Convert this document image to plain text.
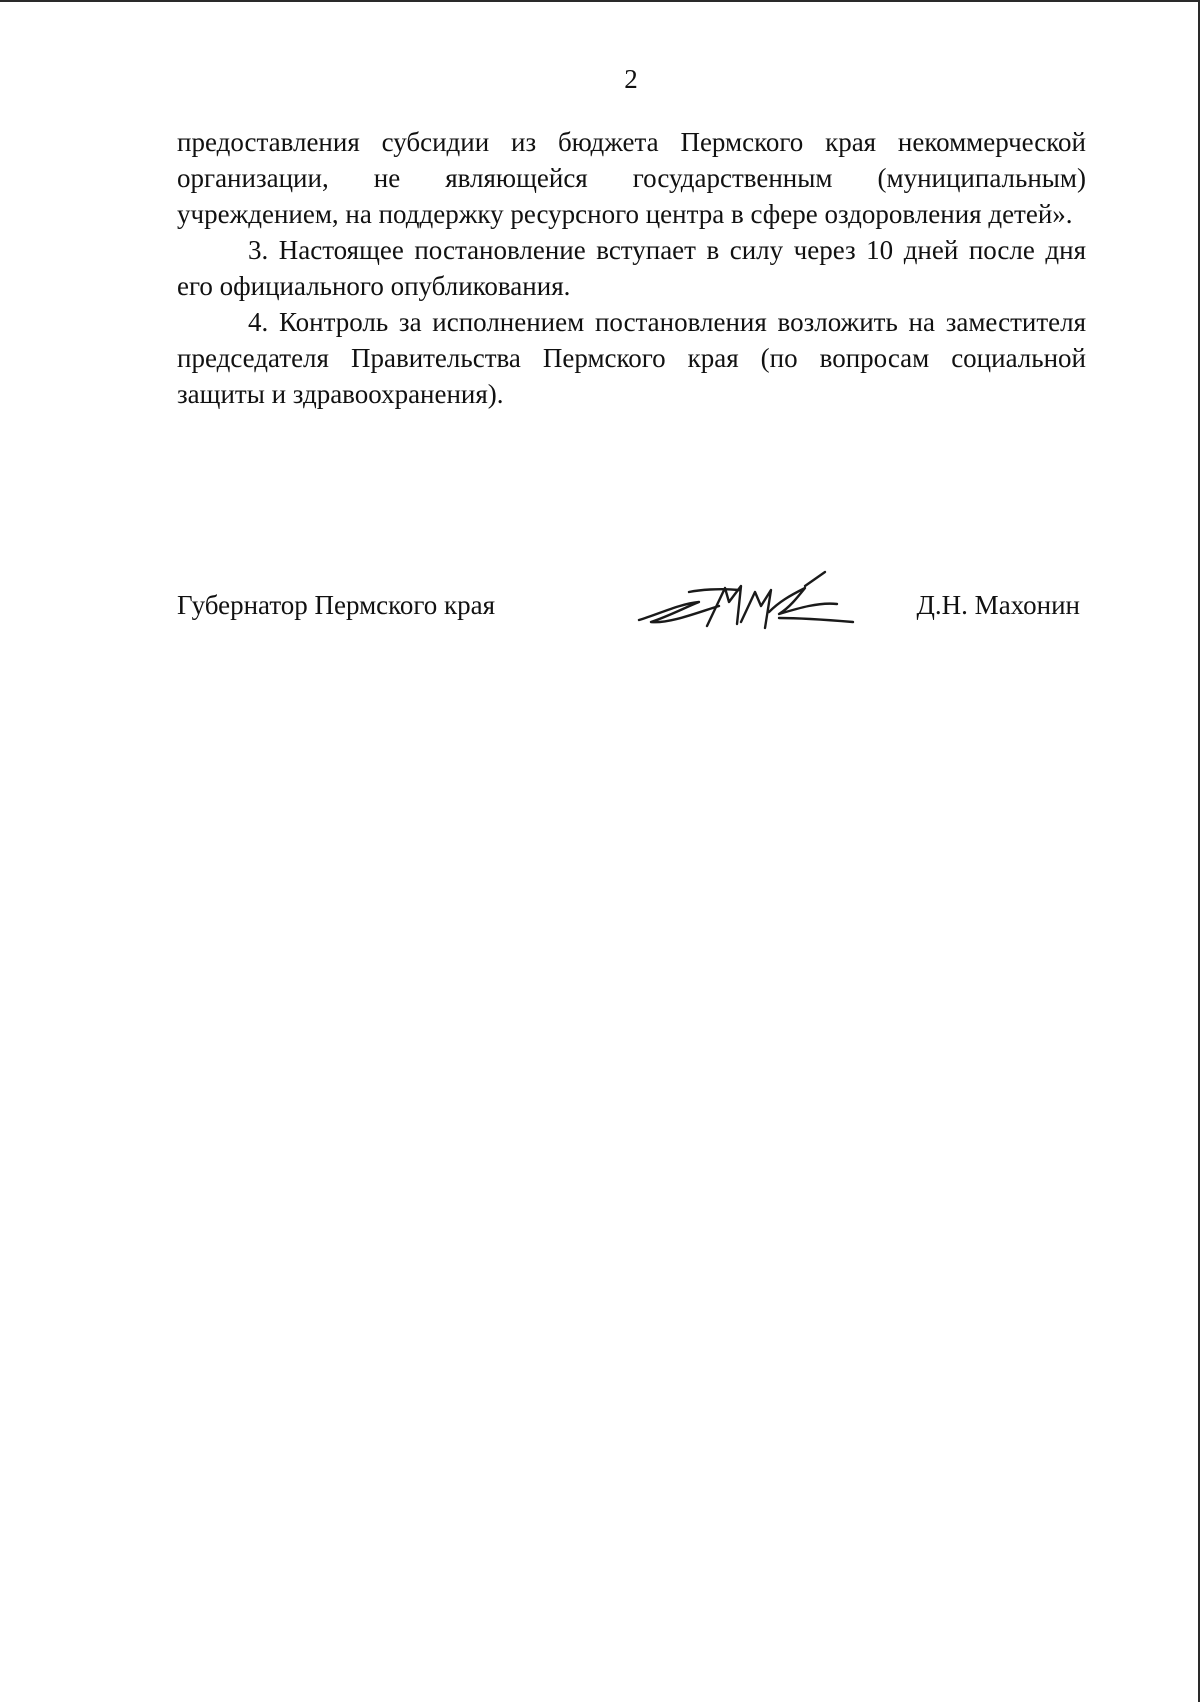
2

предоставления субсидии из бюджета Пермского края некоммерческой организации, не являющейся государственным (муниципальным) учреждением, на поддержку ресурсного центра в сфере оздоровления детей».

3. Настоящее постановление вступает в силу через 10 дней после дня его официального опубликования.

4. Контроль за исполнением постановления возложить на заместителя председателя Правительства Пермского края (по вопросам социальной защиты и здравоохранения).

Губернатор Пермского края	Д.Н. Махонин
